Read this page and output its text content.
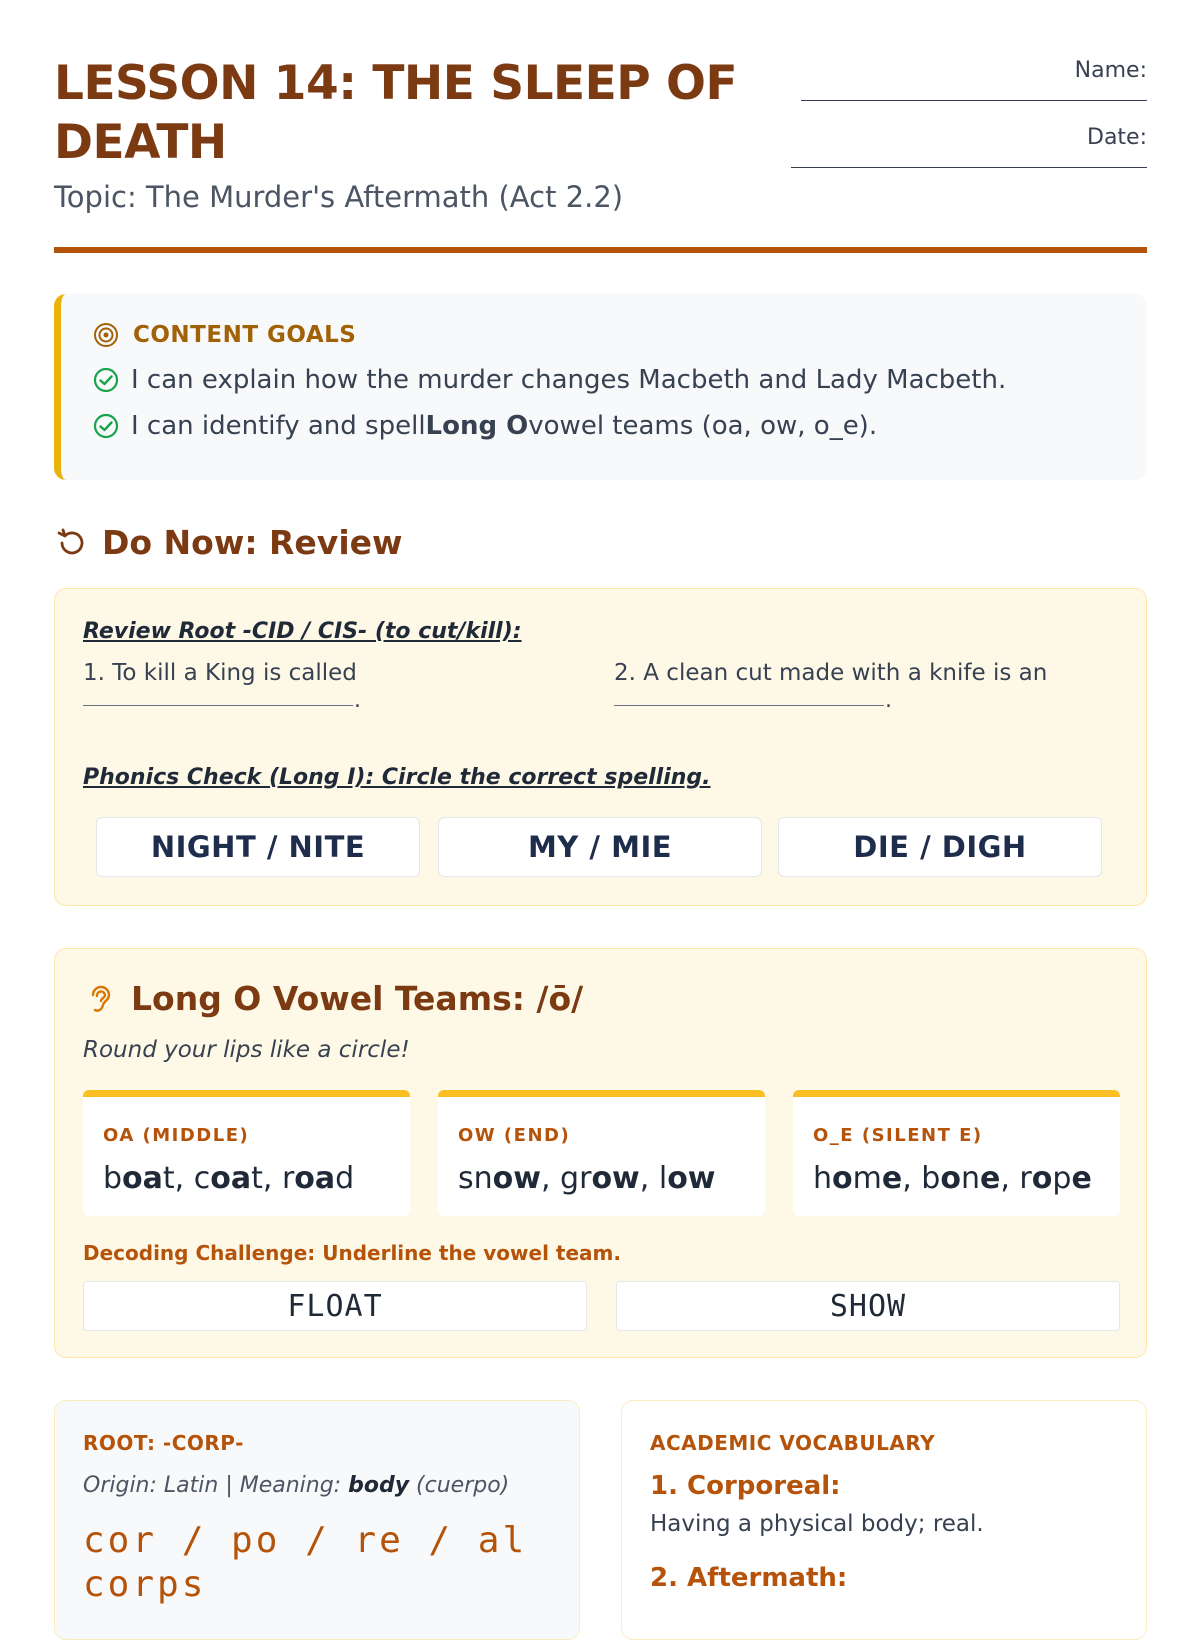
LESSON 14: THE SLEEP OF DEATH
Topic: The Murder's Aftermath (Act 2.2)
Name:
Date:
CONTENT GOALS
I can explain how the murder changes Macbeth and Lady Macbeth.
I can identify and spell Long O vowel teams (oa, ow, o_e).
Do Now: Review
Review Root -CID / CIS- (to cut/kill):
1. To kill a King is called
.	2. A clean cut made with a knife is an
.
Phonics Check (Long I): Circle the correct spelling.
NIGHT / NITE	MY / MIE	DIE / DIGH
Long O Vowel Teams: /ō/
Round your lips like a circle!
OA (MIDDLE)
boat, coat, road
OW (END)
snow, grow, low
O_E (SILENT E)
home, bone, rope
Decoding Challenge: Underline the vowel team.
FLOAT	SHOW
ROOT: -CORP-
Origin: Latin | Meaning: body (cuerpo)
cor / po / re / al
corps
ACADEMIC VOCABULARY
1. Corporeal:
Having a physical body; real.
2. Aftermath:
